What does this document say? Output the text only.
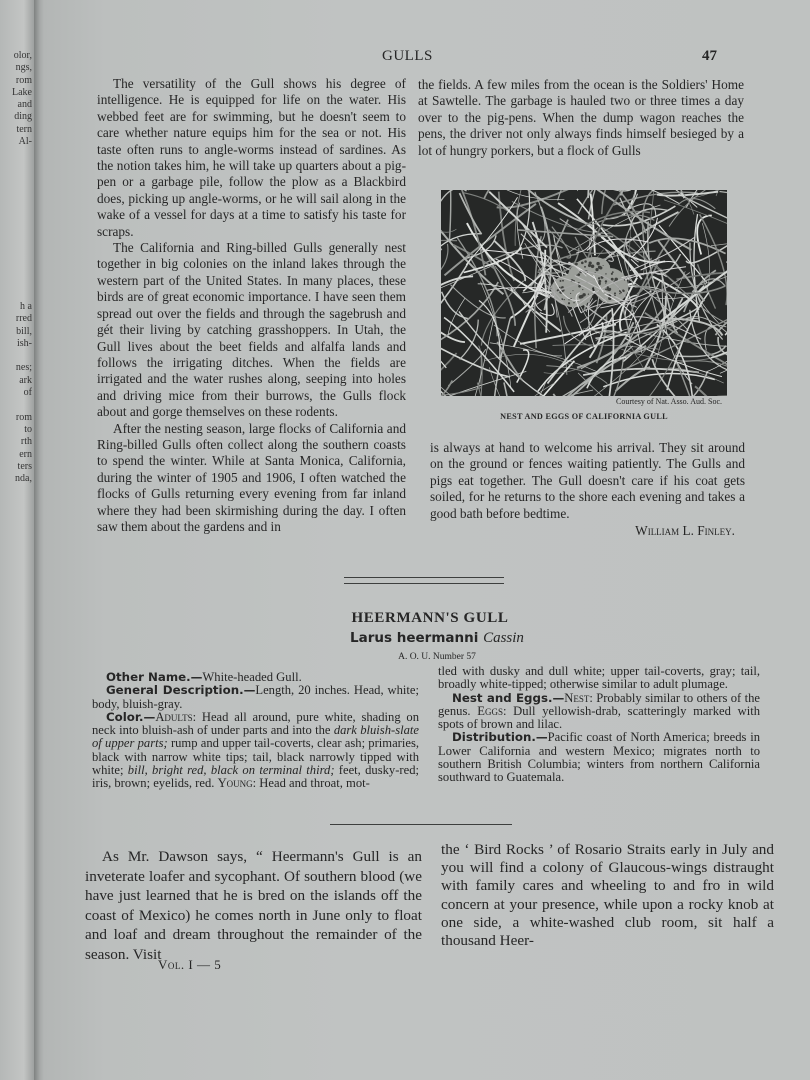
olor,
ngs,
rom
Lake
and
ding
tern
Al-
h a
rred
bill,
ish-

nes;
ark
of

rom
to
rth
ern
ters
nda,
GULLS	47

The versatility of the Gull shows his degree of intelligence. He is equipped for life on the water. His webbed feet are for swimming, but he doesn't seem to care whether nature equips him for the sea or not. His taste often runs to angle-worms instead of sardines. As the notion takes him, he will take up quarters about a pig-pen or a garbage pile, follow the plow as a Blackbird does, picking up angle-worms, or he will sail along in the wake of a vessel for days at a time to satisfy his taste for scraps.

The California and Ring-billed Gulls generally nest together in big colonies on the inland lakes through the western part of the United States. In many places, these birds are of great economic importance. I have seen them spread out over the fields and through the sagebrush and gét their living by catching grasshoppers. In Utah, the Gull lives about the beet fields and alfalfa lands and follows the irrigating ditches. When the fields are irrigated and the water rushes along, seeping into holes and driving mice from their burrows, the Gulls flock about and gorge themselves on these rodents.

After the nesting season, large flocks of California and Ring-billed Gulls often collect along the southern coasts to spend the winter. While at Santa Monica, California, during the winter of 1905 and 1906, I often watched the flocks of Gulls returning every evening from far inland where they had been skirmishing during the day. I often saw them about the gardens and in

the fields. A few miles from the ocean is the Soldiers' Home at Sawtelle. The garbage is hauled two or three times a day over to the pig-pens. When the dump wagon reaches the pens, the driver not only always finds himself besieged by a lot of hungry porkers, but a flock of Gulls

Courtesy of Nat. Asso. Aud. Soc.
NEST AND EGGS OF CALIFORNIA GULL

is always at hand to welcome his arrival. They sit around on the ground or fences waiting patiently. The Gulls and pigs eat together. The Gull doesn't care if his coat gets soiled, for he returns to the shore each evening and takes a good bath before bedtime.

William L. Finley.
HEERMANN'S GULL
Larus heermanni Cassin
A. O. U. Number 57

Other Name.—White-headed Gull.

General Description.—Length, 20 inches. Head, white; body, bluish-gray.

Color.—Adults: Head all around, pure white, shading on neck into bluish-ash of under parts and into the dark bluish-slate of upper parts; rump and upper tail-coverts, clear ash; primaries, black with narrow white tips; tail, black narrowly tipped with white; bill, bright red, black on terminal third; feet, dusky-red; iris, brown; eyelids, red. Young: Head and throat, mot-

tled with dusky and dull white; upper tail-coverts, gray; tail, broadly white-tipped; otherwise similar to adult plumage.

Nest and Eggs.—Nest: Probably similar to others of the genus. Eggs: Dull yellowish-drab, scatteringly marked with spots of brown and lilac.

Distribution.—Pacific coast of North America; breeds in Lower California and western Mexico; migrates north to southern British Columbia; winters from northern California southward to Guatemala.

As Mr. Dawson says, “ Heermann's Gull is an inveterate loafer and sycophant. Of southern blood (we have just learned that he is bred on the islands off the coast of Mexico) he comes north in June only to float and loaf and dream throughout the remainder of the season. Visit

the ‘ Bird Rocks ’ of Rosario Straits early in July and you will find a colony of Glaucous-wings distraught with family cares and wheeling to and fro in wild concern at your presence, while upon a rocky knob at one side, a white-washed club room, sit half a thousand Heer-

Vol. I — 5
